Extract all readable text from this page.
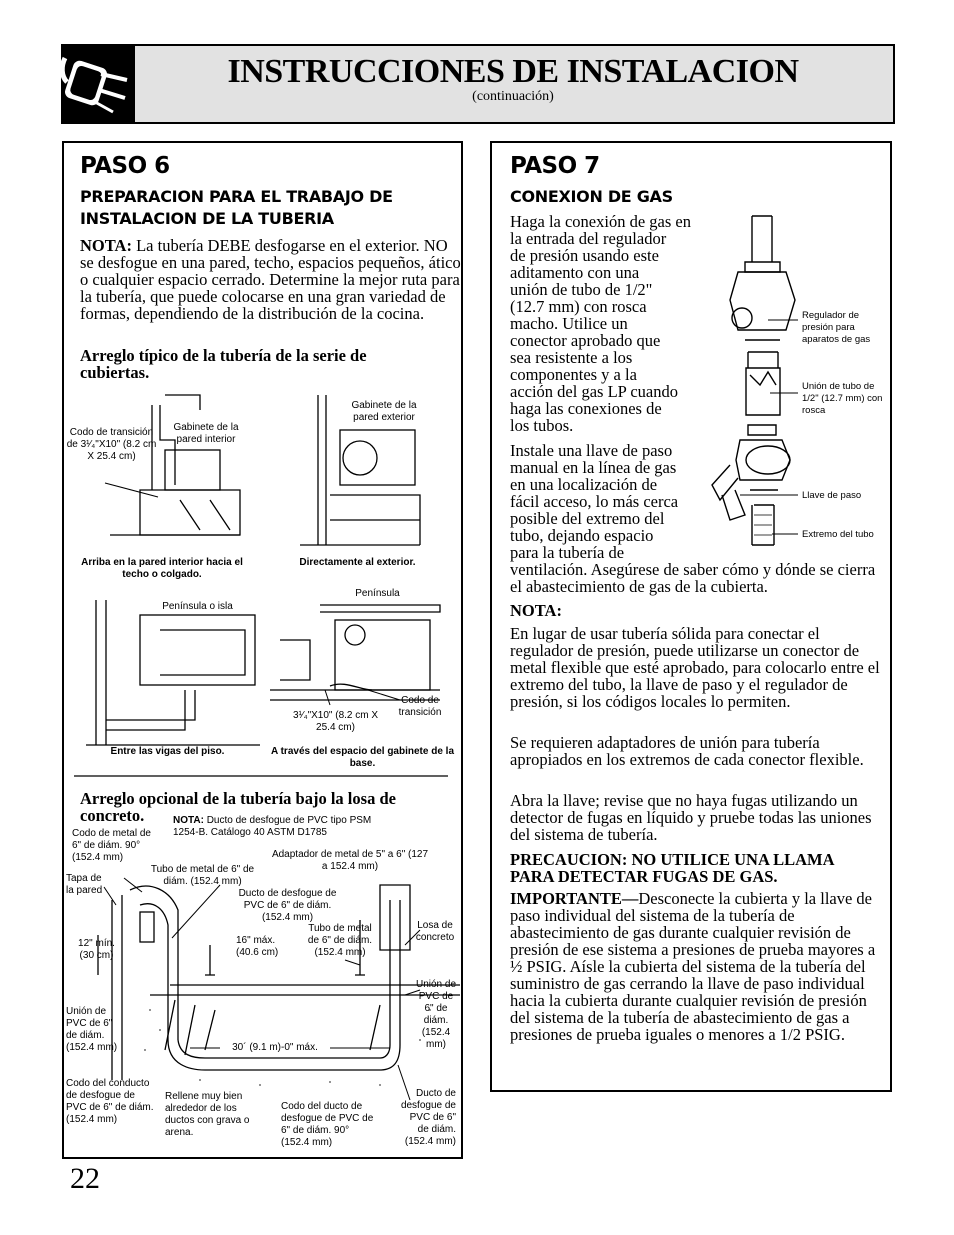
INSTRUCCIONES DE INSTALACION
(continuación)
PASO 6
PREPARACION PARA EL TRABAJO DE INSTALACION DE LA TUBERIA

NOTA: La tubería DEBE desfogarse en el exterior. NO se desfogue en una pared, techo, espacios pequeños, ático o cualquier espacio cerrado. Determine la mejor ruta para la tubería, que puede colocarse en una gran variedad de formas, dependiendo de la distribución de la cocina.

Arreglo típico de la tubería de la serie de cubiertas.

Codo de transición de 3¹⁄₄"X10" (8.2 cm X 25.4 cm)
Gabinete de la pared interior
Gabinete de la pared exterior
Arriba en la pared interior hacia el techo o colgado.
Directamente al exterior.
Península o isla
Península
Codo de transición
3¹⁄₄"X10" (8.2 cm X 25.4 cm)
Entre las vigas del piso.	A través del espacio del gabinete de la base.

Arreglo opcional de la tubería bajo la losa de concreto.	NOTA: Ducto de desfogue de PVC tipo PSM 1254-B. Catálogo 40 ASTM D1785
Codo de metal de 6" de diám. 90° (152.4 mm)
Tapa de la pared
Tubo de metal de 6" de diám. (152.4 mm)
Adaptador de metal de 5" a 6" (127 a 152.4 mm)
Ducto de desfogue de PVC de 6" de diám. (152.4 mm)
12" mín. (30 cm)
16" máx. (40.6 cm)
Tubo de metal de 6" de diám. (152.4 mm)
Losa de concreto
Unión de PVC de 6" de diám. (152.4 mm)
Unión de PVC de 6" de diám. (152.4 mm)	30´ (9.1 m)-0" máx.
Codo del conducto de desfogue de PVC de 6" de diám. (152.4 mm)
Rellene muy bien alrededor de los ductos con grava o arena.
Codo del ducto de desfogue de PVC de 6" de diám. 90° (152.4 mm)
Ducto de desfogue de PVC de 6" de diám. (152.4 mm)
PASO 7
CONEXION DE GAS
Haga la conexión de gas en
la entrada del regulador
de presión usando este
aditamento con una
unión de tubo de 1/2"
(12.7 mm) con rosca
macho. Utilice un
conector aprobado que
sea resistente a los
componentes y a la
acción del gas LP cuando
haga las conexiones de
los tubos.
Instale una llave de paso
manual en la línea de gas
en una localización de
fácil acceso, lo más cerca
posible del extremo del
tubo, dejando espacio
para la tubería de

ventilación. Asegúrese de saber cómo y dónde se cierra el abastecimiento de gas de la cubierta.

Regulador de presión para aparatos de gas
Unión de tubo de 1/2" (12.7 mm) con rosca
Llave de paso
Extremo del tubo

NOTA:

En lugar de usar tubería sólida para conectar el regulador de presión, puede utilizarse un conector de metal flexible que esté aprobado, para colocarlo entre el extremo del tubo, la llave de paso y el regulador de presión, si los códigos locales lo permiten.

Se requieren adaptadores de unión para tubería apropiados en los extremos de cada conector flexible.

Abra la llave; revise que no haya fugas utilizando un detector de fugas en líquido y pruebe todas las uniones del sistema de tubería.

PRECAUCION: NO UTILICE UNA LLAMA PARA DETECTAR FUGAS DE GAS.

IMPORTANTE—Desconecte la cubierta y la llave de paso individual del sistema de la tubería de abastecimiento de gas durante cualquier revisión de presión de ese sistema a presiones de prueba mayores a ½ PSIG. Aísle la cubierta del sistema de la tubería del suministro de gas cerrando la llave de paso individual hacia la cubierta durante cualquier revisión de presión del sistema de la tubería de abastecimiento de gas a presiones de prueba iguales o menores a 1/2 PSIG.

22
